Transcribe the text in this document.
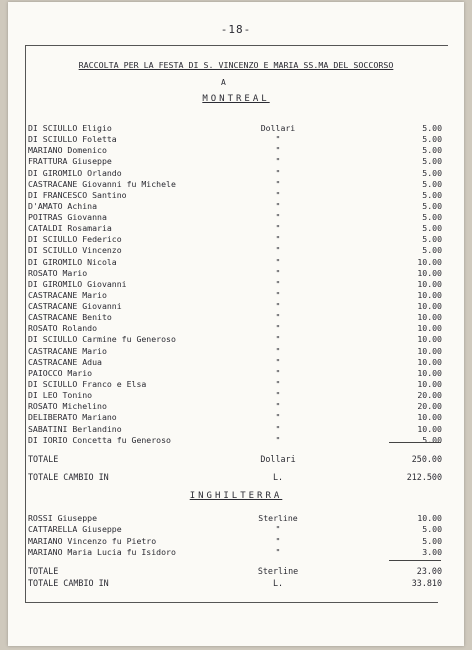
-18-
RACCOLTA PER LA FESTA DI S. VINCENZO E MARIA SS.MA DEL SOCCORSO
A
MONTREAL
DI SCIULLO Eligio	Dollari	5.00
DI SCIULLO Foletta	"	5.00
MARIANO Domenico	"	5.00
FRATTURA Giuseppe	"	5.00
DI GIROMILO Orlando	"	5.00
CASTRACANE Giovanni fu Michele	"	5.00
DI FRANCESCO Santino	"	5.00
D'AMATO Achina	"	5.00
POITRAS Giovanna	"	5.00
CATALDI Rosamaria	"	5.00
DI SCIULLO Federico	"	5.00
DI SCIULLO Vincenzo	"	5.00
DI GIROMILO Nicola	"	10.00
ROSATO Mario	"	10.00
DI GIROMILO Giovanni	"	10.00
CASTRACANE Mario	"	10.00
CASTRACANE Giovanni	"	10.00
CASTRACANE Benito	"	10.00
ROSATO Rolando	"	10.00
DI SCIULLO Carmine fu Generoso	"	10.00
CASTRACANE Mario	"	10.00
CASTRACANE Adua	"	10.00
PAIOCCO Mario	"	10.00
DI SCIULLO Franco e Elsa	"	10.00
DI LEO Tonino	"	20.00
ROSATO Michelino	"	20.00
DELIBERATO Mariano	"	10.00
SABATINI Berlandino	"	10.00
DI IORIO Concetta fu Generoso	"	5.00
TOTALE	Dollari	250.00
TOTALE CAMBIO IN	L.	212.500
INGHILTERRA
ROSSI Giuseppe	Sterline	10.00
CATTARELLA Giuseppe	"	5.00
MARIANO Vincenzo fu Pietro	"	5.00
MARIANO Maria Lucia fu Isidoro	"	3.00
TOTALE	Sterline	23.00
TOTALE CAMBIO IN	L.	33.810
